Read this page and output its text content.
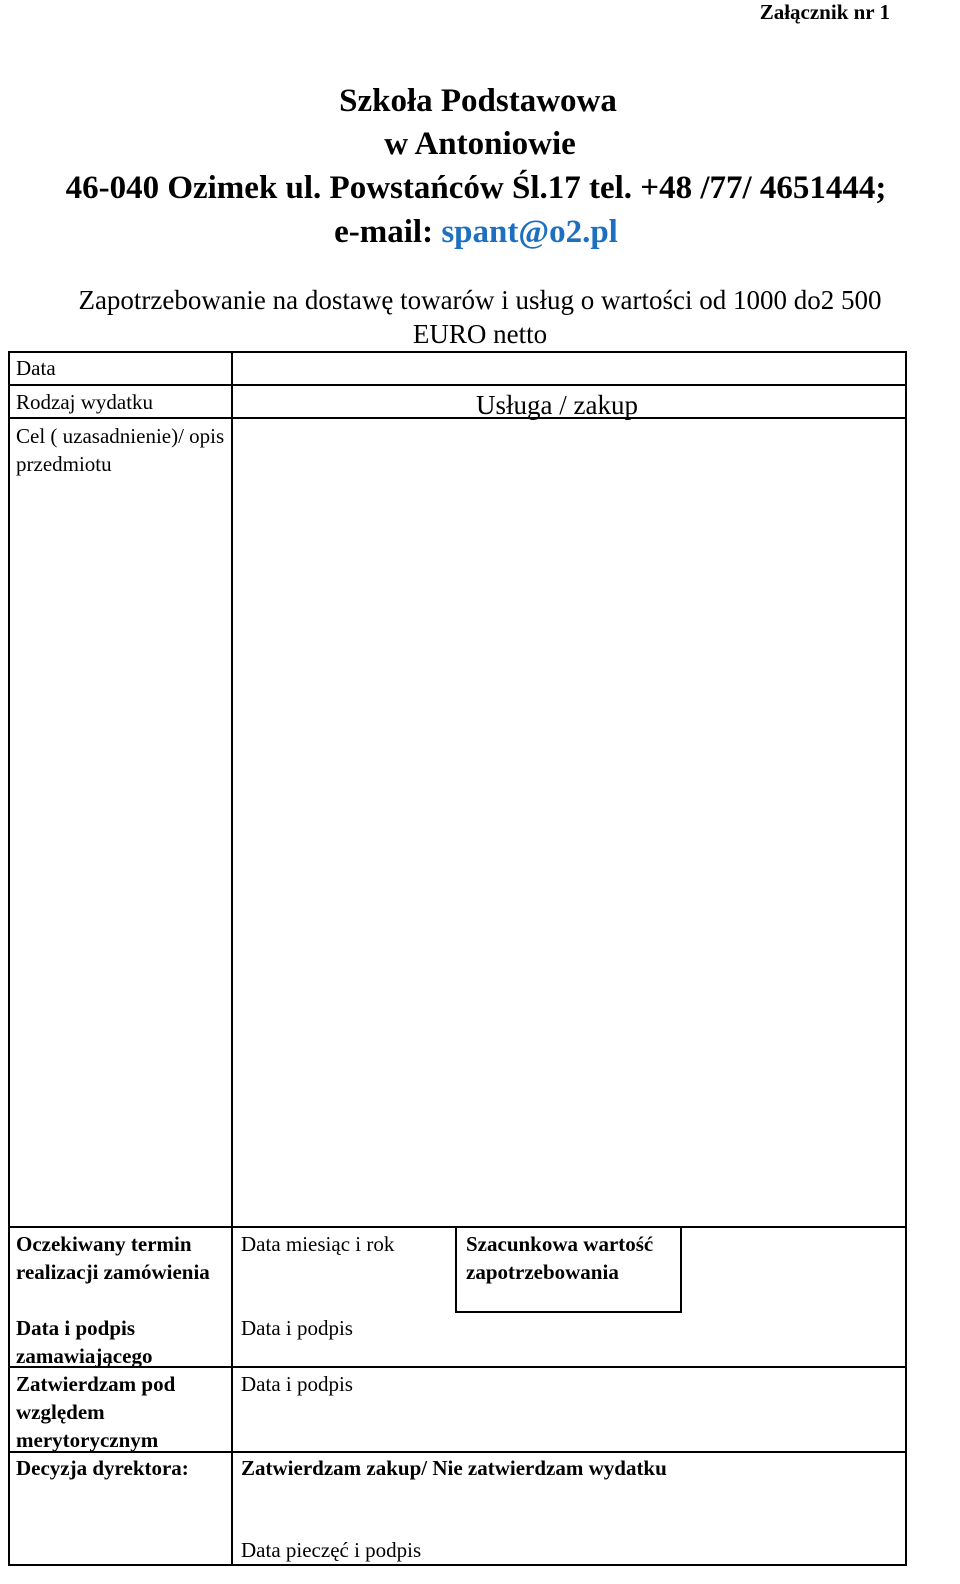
Załącznik nr 1
Szkoła Podstawowa
w Antoniowie
46-040 Ozimek ul. Powstańców Śl.17 tel. +48 /77/ 4651444;
e-mail: spant@o2.pl
Zapotrzebowanie na dostawę towarów i usług o wartości od 1000 do2 500
EURO netto
Data
Rodzaj wydatku	Usługa / zakup
Cel ( uzasadnienie)/ opis przedmiotu
Oczekiwany termin realizacji zamówienia
Data miesiąc i rok	Szacunkowa wartość zapotrzebowania
Data i podpis zamawiającego
Data i podpis
Zatwierdzam pod względem merytorycznym
Data i podpis
Decyzja dyrektora: Zatwierdzam zakup/ Nie zatwierdzam wydatku
Data pieczęć i podpis
